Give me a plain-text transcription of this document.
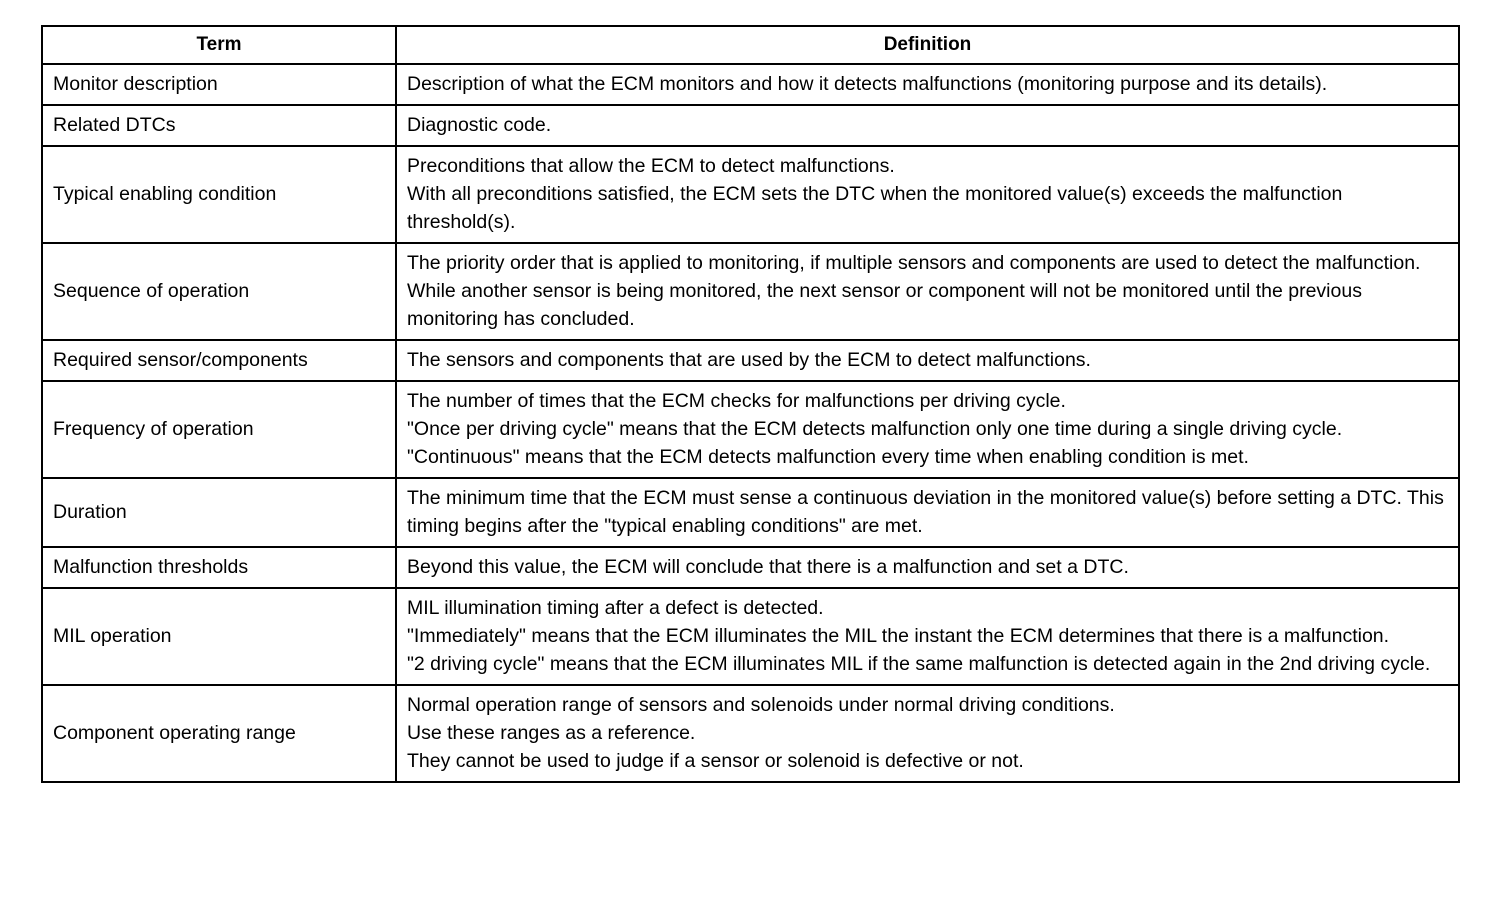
Term	Definition
Monitor description	Description of what the ECM monitors and how it detects malfunctions (monitoring purpose and its details).

Related DTCs	Diagnostic code.

Typical enabling condition	Preconditions that allow the ECM to detect malfunctions.
With all preconditions satisfied, the ECM sets the DTC when the monitored value(s) exceeds the malfunction threshold(s).

Sequence of operation	The priority order that is applied to monitoring, if multiple sensors and components are used to detect the malfunction.
While another sensor is being monitored, the next sensor or component will not be monitored until the previous monitoring has concluded.

Required sensor/components	The sensors and components that are used by the ECM to detect malfunctions.

Frequency of operation	The number of times that the ECM checks for malfunctions per driving cycle.
"Once per driving cycle" means that the ECM detects malfunction only one time during a single driving cycle.
"Continuous" means that the ECM detects malfunction every time when enabling condition is met.

Duration	The minimum time that the ECM must sense a continuous deviation in the monitored value(s) before setting a DTC. This timing begins after the "typical enabling conditions" are met.

Malfunction thresholds	Beyond this value, the ECM will conclude that there is a malfunction and set a DTC.

MIL operation	MIL illumination timing after a defect is detected.
"Immediately" means that the ECM illuminates the MIL the instant the ECM determines that there is a malfunction.
"2 driving cycle" means that the ECM illuminates MIL if the same malfunction is detected again in the 2nd driving cycle.

Component operating range	Normal operation range of sensors and solenoids under normal driving conditions.
Use these ranges as a reference.
They cannot be used to judge if a sensor or solenoid is defective or not.
